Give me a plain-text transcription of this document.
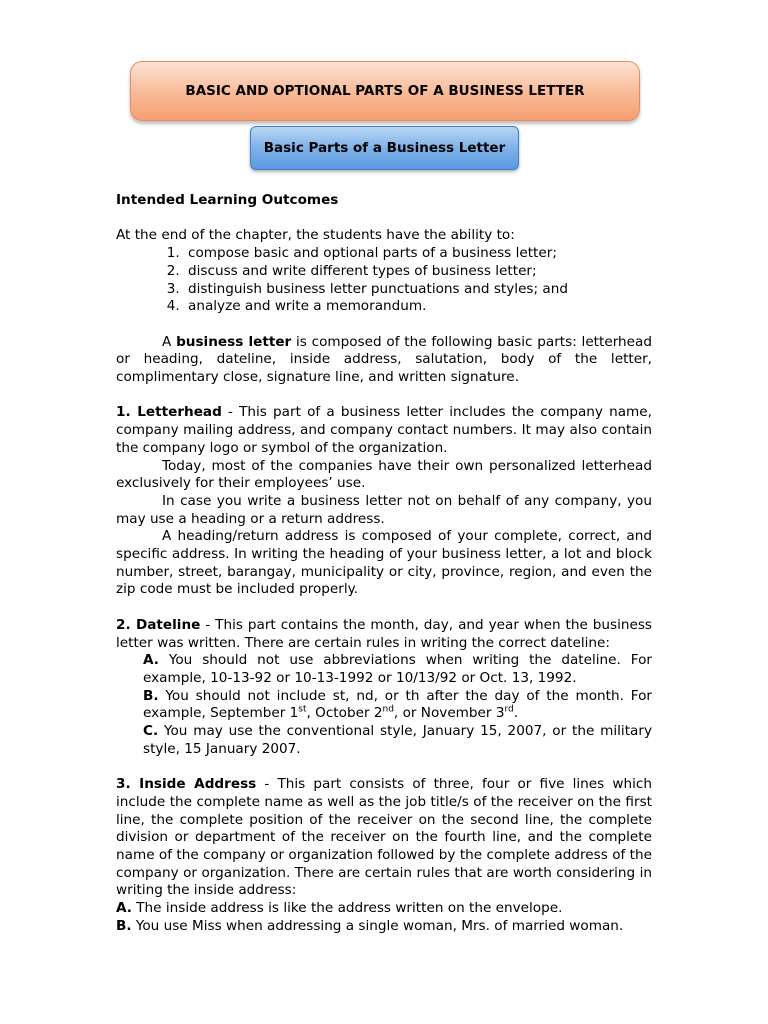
BASIC AND OPTIONAL PARTS OF A BUSINESS LETTER
Basic Parts of a Business Letter

Intended Learning Outcomes

At the end of the chapter, the students have the ability to:

1. compose basic and optional parts of a business letter;
2. discuss and write different types of business letter;
3. distinguish business letter punctuations and styles; and
4. analyze and write a memorandum.

A business letter is composed of the following basic parts: letterhead or heading, dateline, inside address, salutation, body of the letter, complimentary close, signature line, and written signature.

1. Letterhead - This part of a business letter includes the company name, company mailing address, and company contact numbers. It may also contain the company logo or symbol of the organization.

Today, most of the companies have their own personalized letterhead exclusively for their employees’ use.

In case you write a business letter not on behalf of any company, you may use a heading or a return address.

A heading/return address is composed of your complete, correct, and specific address. In writing the heading of your business letter, a lot and block number, street, barangay, municipality or city, province, region, and even the zip code must be included properly.

2. Dateline - This part contains the month, day, and year when the business letter was written. There are certain rules in writing the correct dateline:

A. You should not use abbreviations when writing the dateline. For example, 10-13-92 or 10-13-1992 or 10/13/92 or Oct. 13, 1992.

B. You should not include st, nd, or th after the day of the month. For example, September 1st, October 2nd, or November 3rd.

C. You may use the conventional style, January 15, 2007, or the military style, 15 January 2007.

3. Inside Address - This part consists of three, four or five lines which include the complete name as well as the job title/s of the receiver on the first line, the complete position of the receiver on the second line, the complete division or department of the receiver on the fourth line, and the complete name of the company or organization followed by the complete address of the company or organization. There are certain rules that are worth considering in writing the inside address:

A. The inside address is like the address written on the envelope.

B. You use Miss when addressing a single woman, Mrs. of married woman.
